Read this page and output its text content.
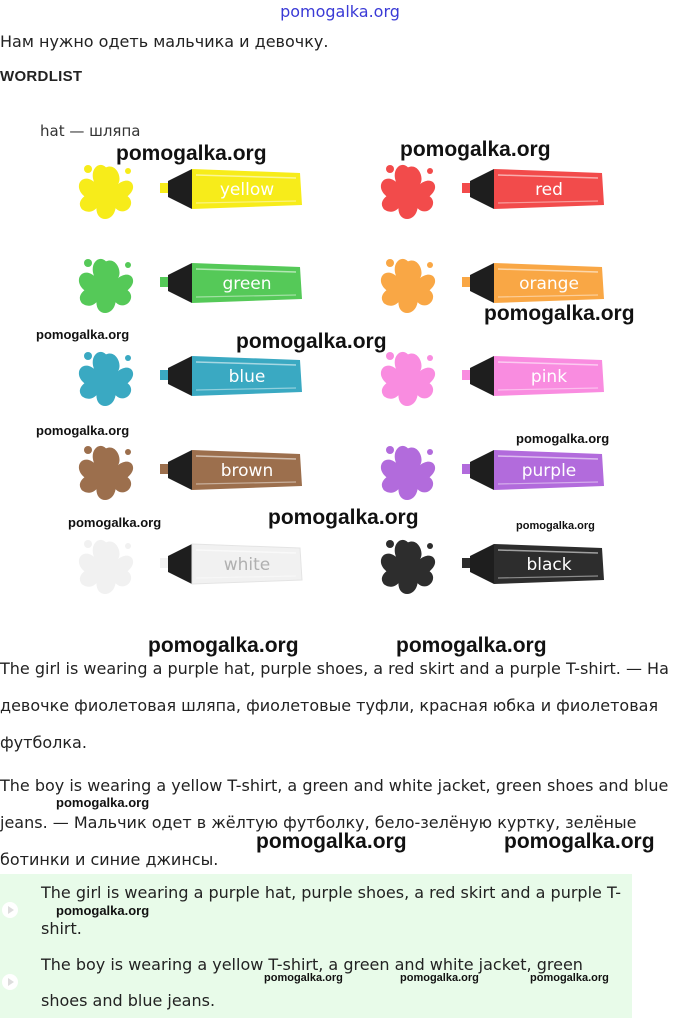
pomogalka.org
Нам нужно одеть мальчика и девочку.
WORDLIST
hat — шляпа
yellow	red
green	orange
blue	pink
brown	purple
white	black
pomogalka.org	pomogalka.org
pomogalka.org
pomogalka.org	pomogalka.org
pomogalka.org
pomogalka.org
pomogalka.org	pomogalka.org	pomogalka.org
pomogalka.org	pomogalka.org
The girl is wearing a purple hat, purple shoes, a red skirt and a purple T-shirt. — На
девочке фиолетовая шляпа, фиолетовые туфли, красная юбка и фиолетовая
футболка.
The boy is wearing a yellow T-shirt, a green and white jacket, green shoes and blue
jeans. — Мальчик одет в жёлтую футболку, бело-зелёную куртку, зелёные
ботинки и синие джинсы.
pomogalka.org
pomogalka.org	pomogalka.org
The girl is wearing a purple hat, purple shoes, a red skirt and a purple T-
shirt.
The boy is wearing a yellow T-shirt, a green and white jacket, green
shoes and blue jeans.
pomogalka.org
pomogalka.org	pomogalka.org	pomogalka.org
